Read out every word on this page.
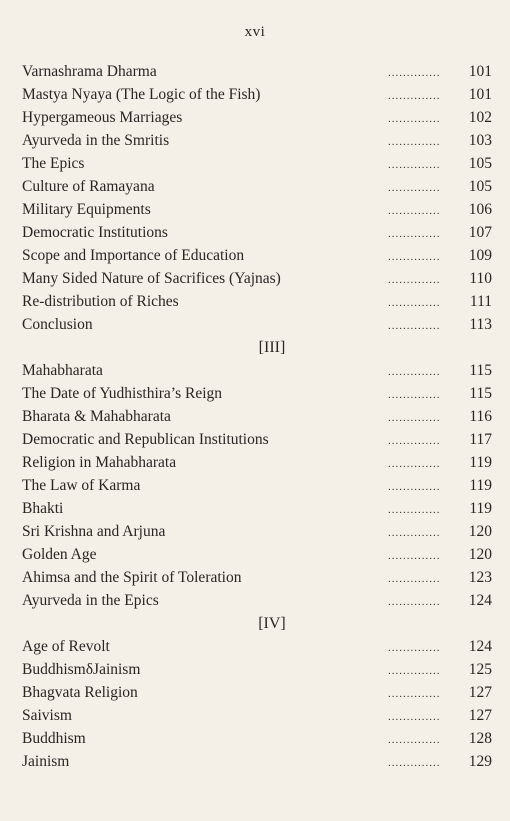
xvi
Varnashrama Dharma	..............	101
Mastya Nyaya (The Logic of the Fish)	..............	101
Hypergameous Marriages	..............	102
Ayurveda in the Smritis	..............	103
The Epics	..............	105
Culture of Ramayana	..............	105
Military Equipments	..............	106
Democratic Institutions	..............	107
Scope and Importance of Education	..............	109
Many Sided Nature of Sacrifices (Yajnas)	..............	110
Re-distribution of Riches	..............	111
Conclusion	..............	113
[III]
Mahabharata	..............	115
The Date of Yudhisthira’s Reign	..............	115
Bharata & Mahabharata	..............	116
Democratic and Republican Institutions	..............	117
Religion in Mahabharata	..............	119
The Law of Karma	..............	119
Bhakti	..............	119
Sri Krishna and Arjuna	..............	120
Golden Age	..............	120
Ahimsa and the Spirit of Toleration	..............	123
Ayurveda in the Epics	..............	124
[IV]
Age of Revolt	..............	124
BuddhismδJainism	..............	125
Bhagvata Religion	..............	127
Saivism	..............	127
Buddhism	..............	128
Jainism	..............	129
